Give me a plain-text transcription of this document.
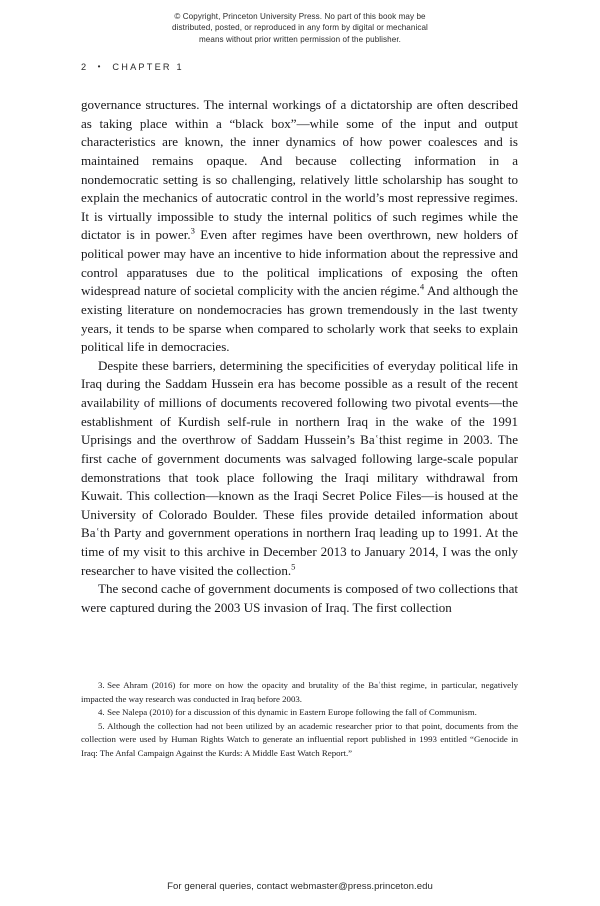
© Copyright, Princeton University Press. No part of this book may be
distributed, posted, or reproduced in any form by digital or mechanical
means without prior written permission of the publisher.
2 • CHAPTER 1

governance structures. The internal workings of a dictatorship are often described as taking place within a “black box”—while some of the input and output characteristics are known, the inner dynamics of how power coalesces and is maintained remains opaque. And because collecting information in a nondemocratic setting is so challenging, relatively little scholarship has sought to explain the mechanics of autocratic control in the world’s most repressive regimes. It is virtually impossible to study the internal politics of such regimes while the dictator is in power.$^3$ Even after regimes have been overthrown, new holders of political power may have an incentive to hide information about the repressive and control apparatuses due to the political implications of exposing the often widespread nature of societal complicity with the ancien régime.$^4$ And although the existing literature on nondemocracies has grown tremendously in the last twenty years, it tends to be sparse when compared to scholarly work that seeks to explain political life in democracies.

Despite these barriers, determining the specificities of everyday political life in Iraq during the Saddam Hussein era has become possible as a result of the recent availability of millions of documents recovered following two pivotal events—the establishment of Kurdish self-rule in northern Iraq in the wake of the 1991 Uprisings and the overthrow of Saddam Hussein’s Baʿthist regime in 2003. The first cache of government documents was salvaged following large-scale popular demonstrations that took place following the Iraqi military withdrawal from Kuwait. This collection—known as the Iraqi Secret Police Files—is housed at the University of Colorado Boulder. These files provide detailed information about Baʿth Party and government operations in northern Iraq leading up to 1991. At the time of my visit to this archive in December 2013 to January 2014, I was the only researcher to have visited the collection.$^5$

The second cache of government documents is composed of two collections that were captured during the 2003 US invasion of Iraq. The first collection

3. See Ahram (2016) for more on how the opacity and brutality of the Baʿthist regime, in particular, negatively impacted the way research was conducted in Iraq before 2003.

4. See Nalepa (2010) for a discussion of this dynamic in Eastern Europe following the fall of Communism.

5. Although the collection had not been utilized by an academic researcher prior to that point, documents from the collection were used by Human Rights Watch to generate an influential report published in 1993 entitled “Genocide in Iraq: The Anfal Campaign Against the Kurds: A Middle East Watch Report.”

For general queries, contact webmaster@press.princeton.edu
